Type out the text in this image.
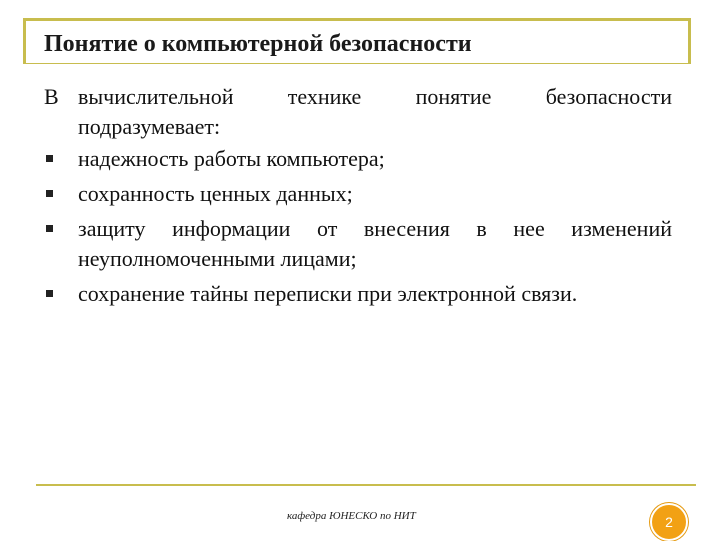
Понятие о компьютерной безопасности

В вычислительной технике понятие безопасности подразумевает:

надежность работы компьютера;
сохранность ценных данных;
защиту информации от внесения в нее изменений неуполномоченными лицами;
сохранение тайны переписки при электронной связи.
кафедра ЮНЕСКО по НИТ	2
